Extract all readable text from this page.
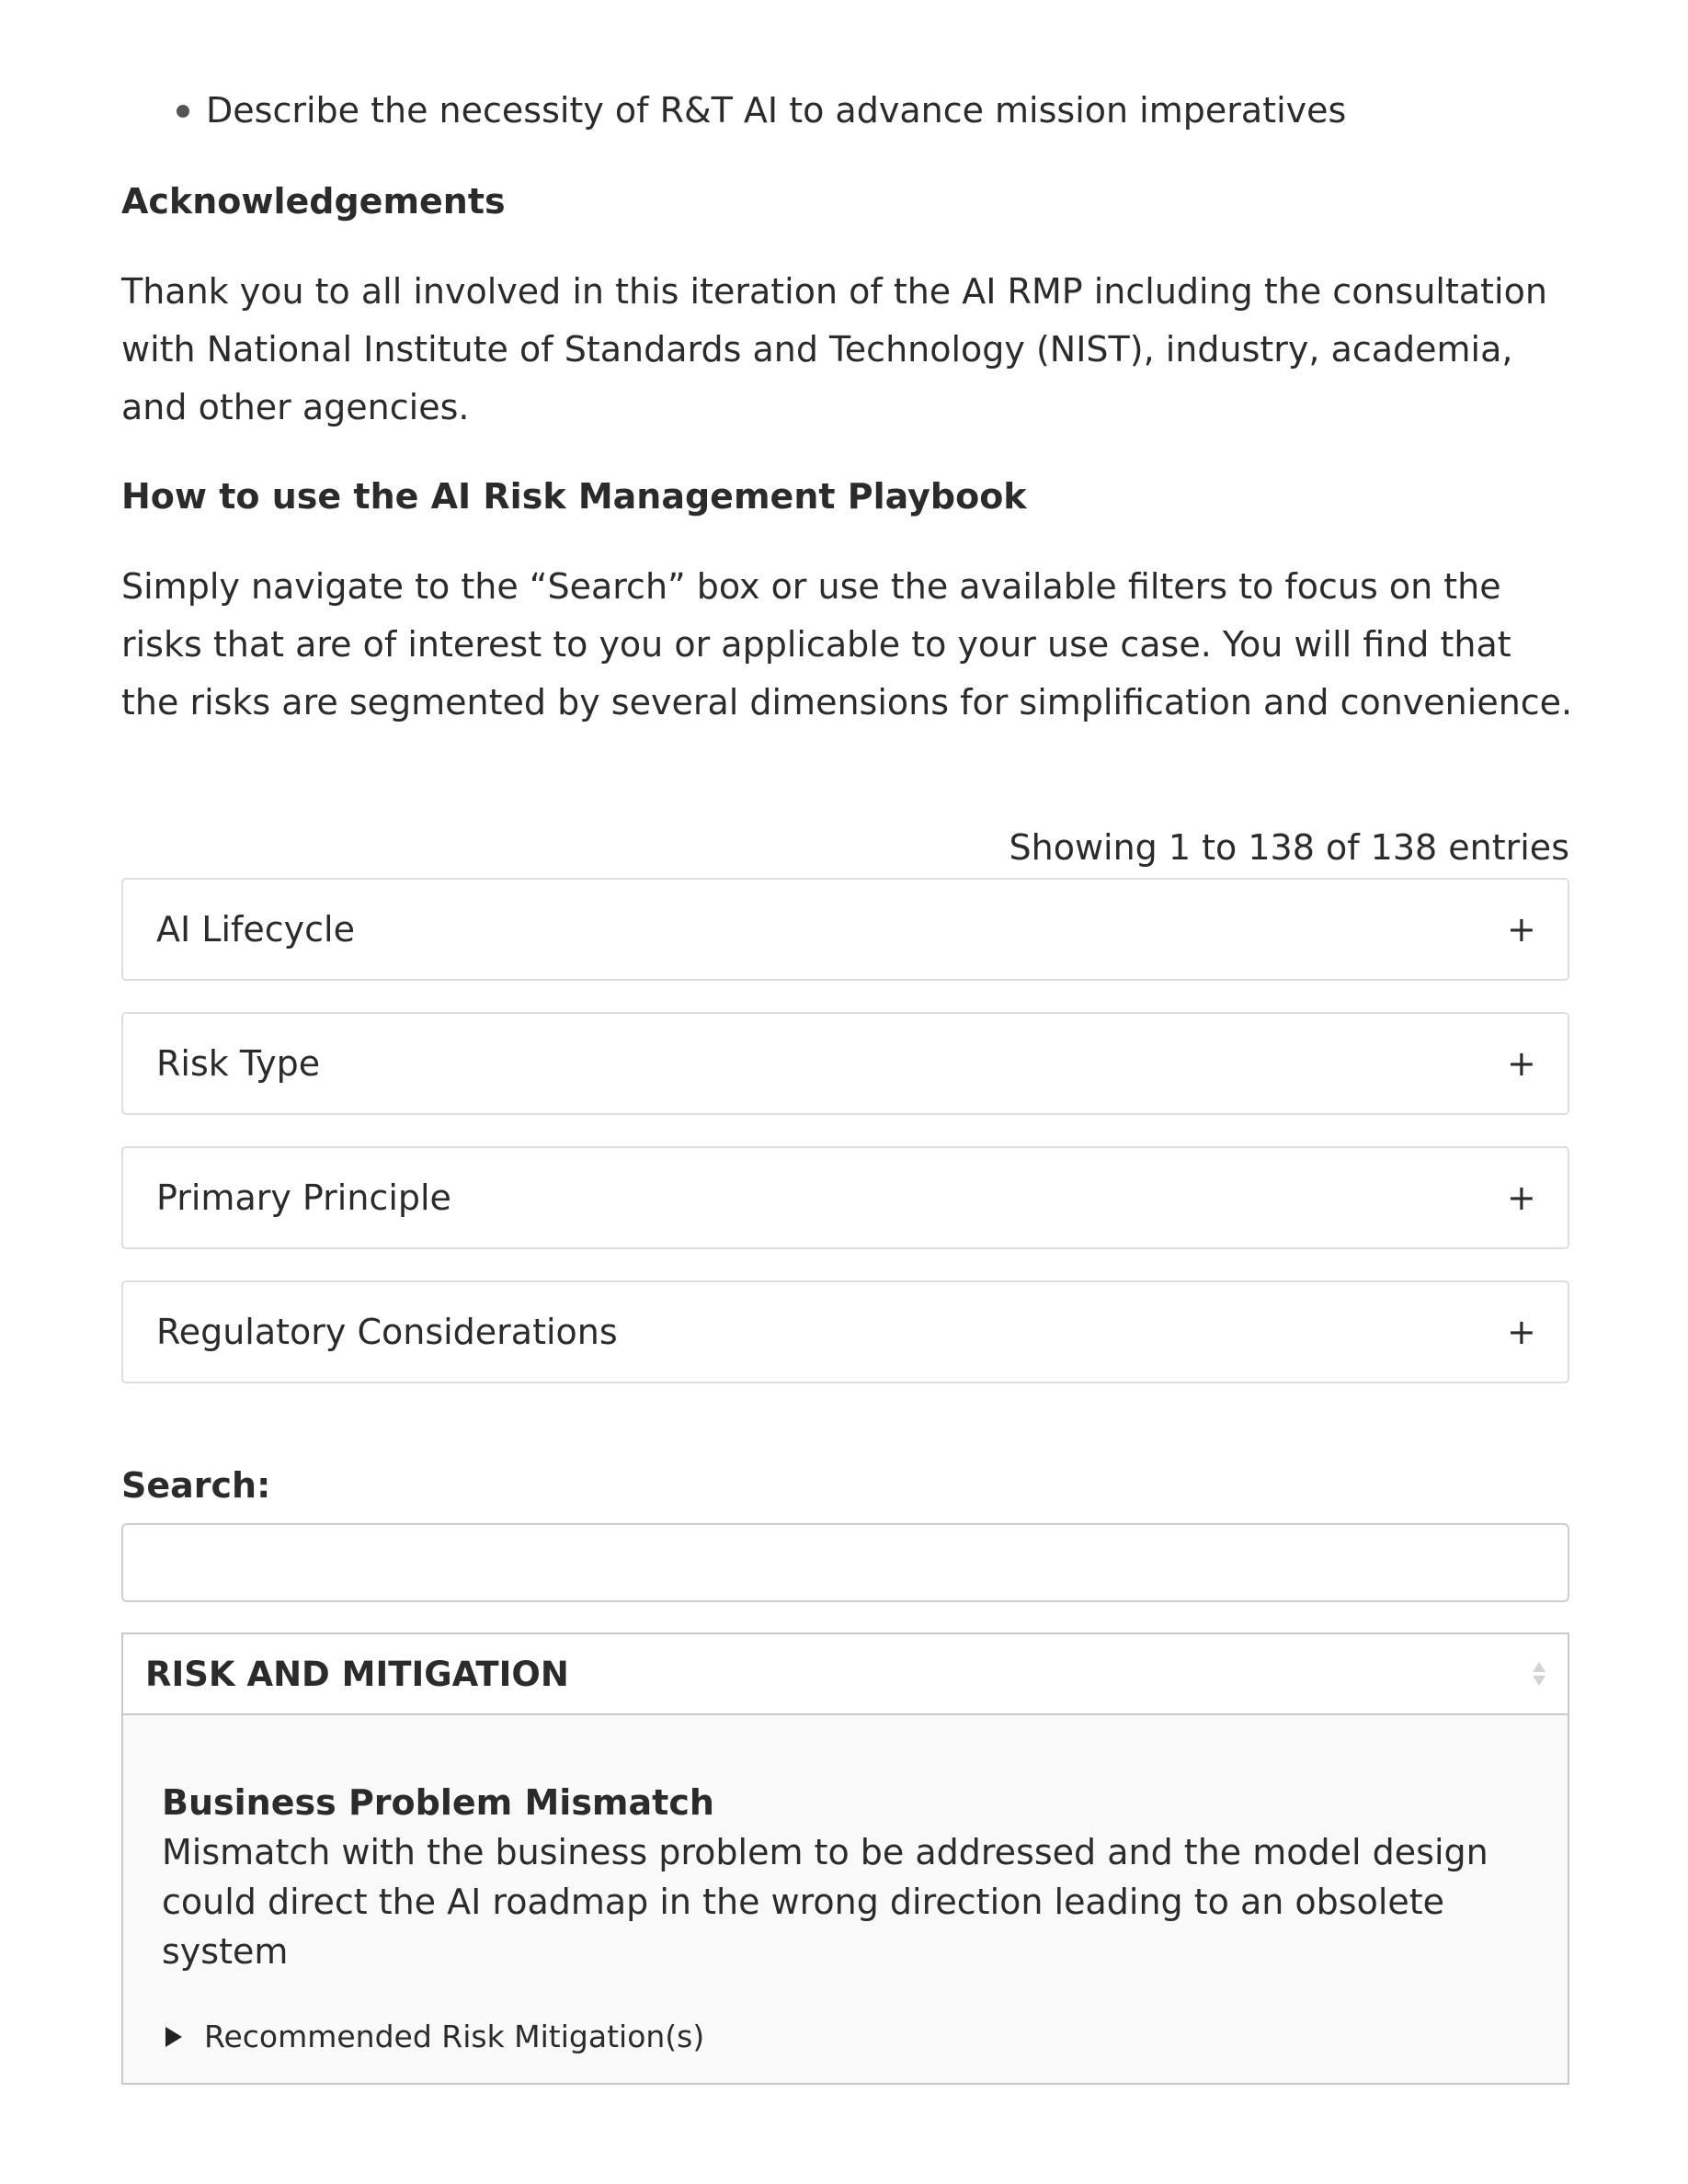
Describe the necessity of R&T AI to advance mission imperatives
Acknowledgements
Thank you to all involved in this iteration of the AI RMP including the consultation with National Institute of Standards and Technology (NIST), industry, academia, and other agencies.
How to use the AI Risk Management Playbook
Simply navigate to the “Search” box or use the available filters to focus on the risks that are of interest to you or applicable to your use case. You will find that the risks are segmented by several dimensions for simplification and convenience.
Showing 1 to 138 of 138 entries
AI Lifecycle	+
Risk Type	+
Primary Principle	+
Regulatory Considerations	+
Search:
RISK AND MITIGATION
Business Problem Mismatch
Mismatch with the business problem to be addressed and the model design could direct the AI roadmap in the wrong direction leading to an obsolete system
Recommended Risk Mitigation(s)
